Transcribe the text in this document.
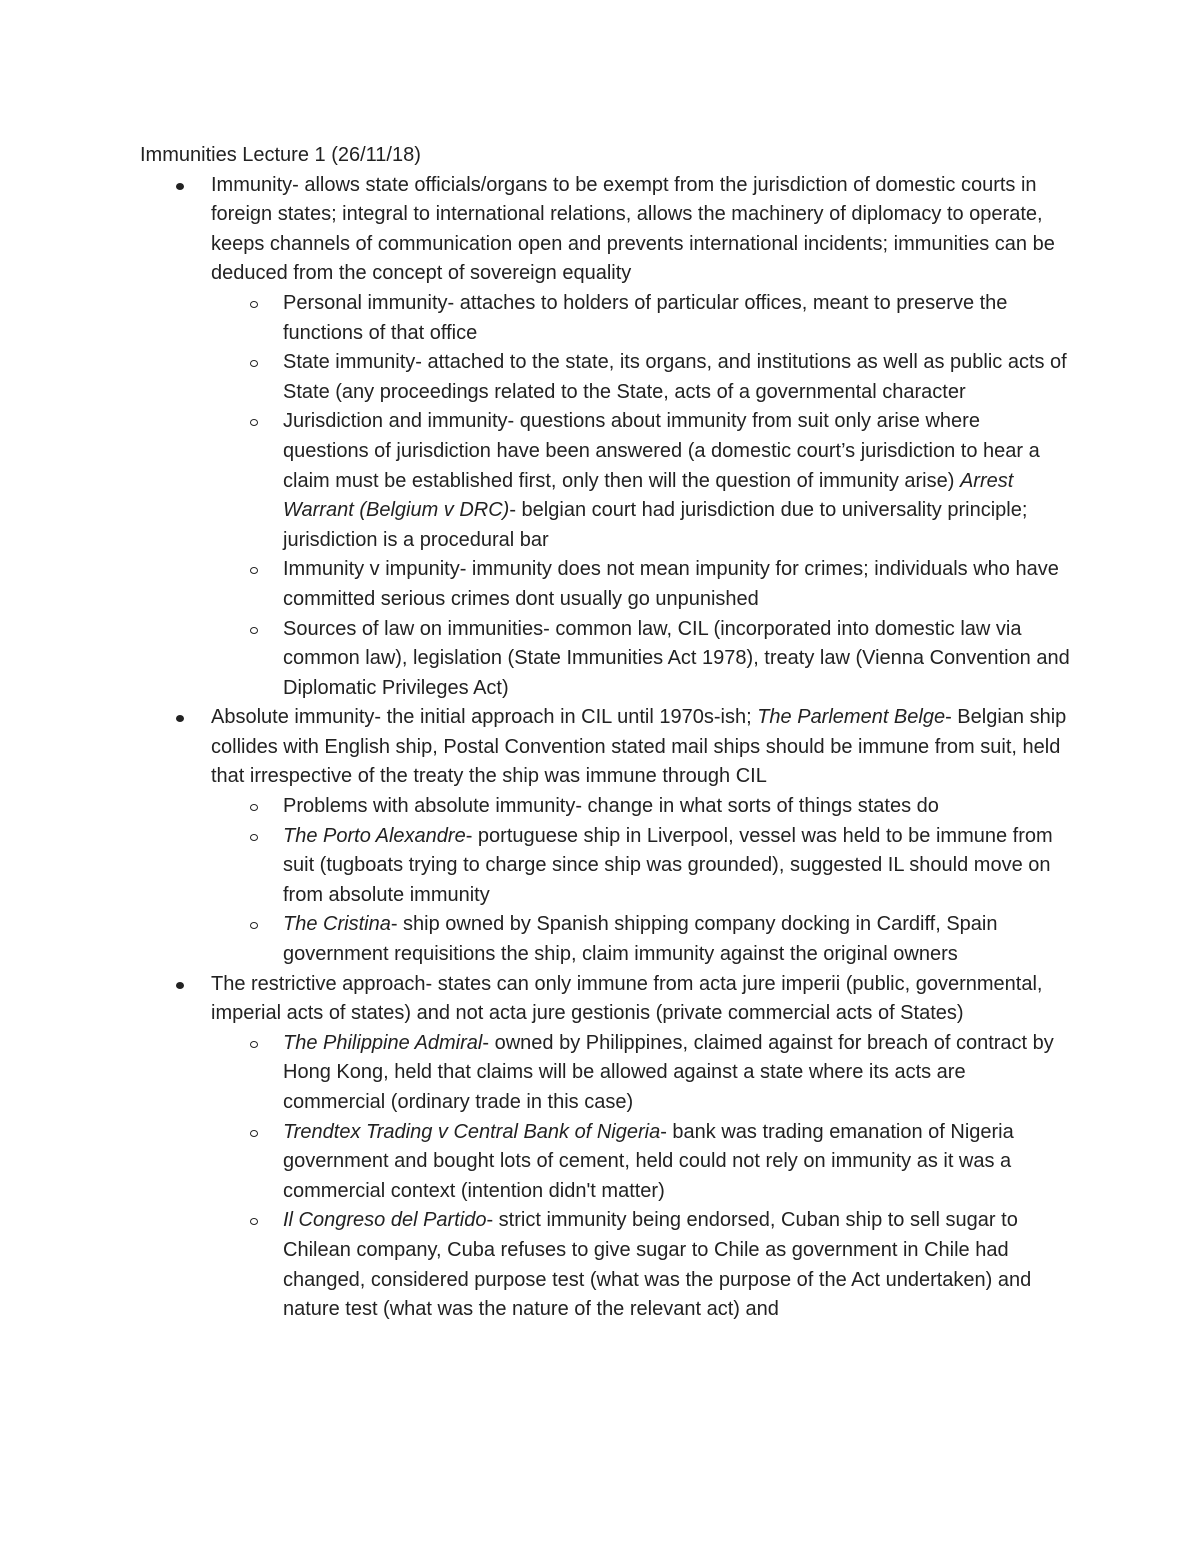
Immunities Lecture 1 (26/11/18)

Immunity- allows state officials/organs to be exempt from the jurisdiction of domestic courts in foreign states; integral to international relations, allows the machinery of diplomacy to operate, keeps channels of communication open and prevents international incidents; immunities can be deduced from the concept of sovereign equality
Personal immunity- attaches to holders of particular offices, meant to preserve the functions of that office
State immunity- attached to the state, its organs, and institutions as well as public acts of State (any proceedings related to the State, acts of a governmental character
Jurisdiction and immunity- questions about immunity from suit only arise where questions of jurisdiction have been answered (a domestic court’s jurisdiction to hear a claim must be established first, only then will the question of immunity arise) Arrest Warrant (Belgium v DRC)- belgian court had jurisdiction due to universality principle; jurisdiction is a procedural bar
Immunity v impunity- immunity does not mean impunity for crimes; individuals who have committed serious crimes dont usually go unpunished
Sources of law on immunities- common law, CIL (incorporated into domestic law via common law), legislation (State Immunities Act 1978), treaty law (Vienna Convention and Diplomatic Privileges Act)
Absolute immunity- the initial approach in CIL until 1970s-ish; The Parlement Belge- Belgian ship collides with English ship, Postal Convention stated mail ships should be immune from suit, held that irrespective of the treaty the ship was immune through CIL
Problems with absolute immunity- change in what sorts of things states do
The Porto Alexandre- portuguese ship in Liverpool, vessel was held to be immune from suit (tugboats trying to charge since ship was grounded), suggested IL should move on from absolute immunity
The Cristina- ship owned by Spanish shipping company docking in Cardiff, Spain government requisitions the ship, claim immunity against the original owners
The restrictive approach- states can only immune from acta jure imperii (public, governmental, imperial acts of states) and not acta jure gestionis (private commercial acts of States)
The Philippine Admiral- owned by Philippines, claimed against for breach of contract by Hong Kong, held that claims will be allowed against a state where its acts are commercial (ordinary trade in this case)
Trendtex Trading v Central Bank of Nigeria- bank was trading emanation of Nigeria government and bought lots of cement, held could not rely on immunity as it was a commercial context (intention didn't matter)
Il Congreso del Partido- strict immunity being endorsed, Cuban ship to sell sugar to Chilean company, Cuba refuses to give sugar to Chile as government in Chile had changed, considered purpose test (what was the purpose of the Act undertaken) and nature test (what was the nature of the relevant act) and
